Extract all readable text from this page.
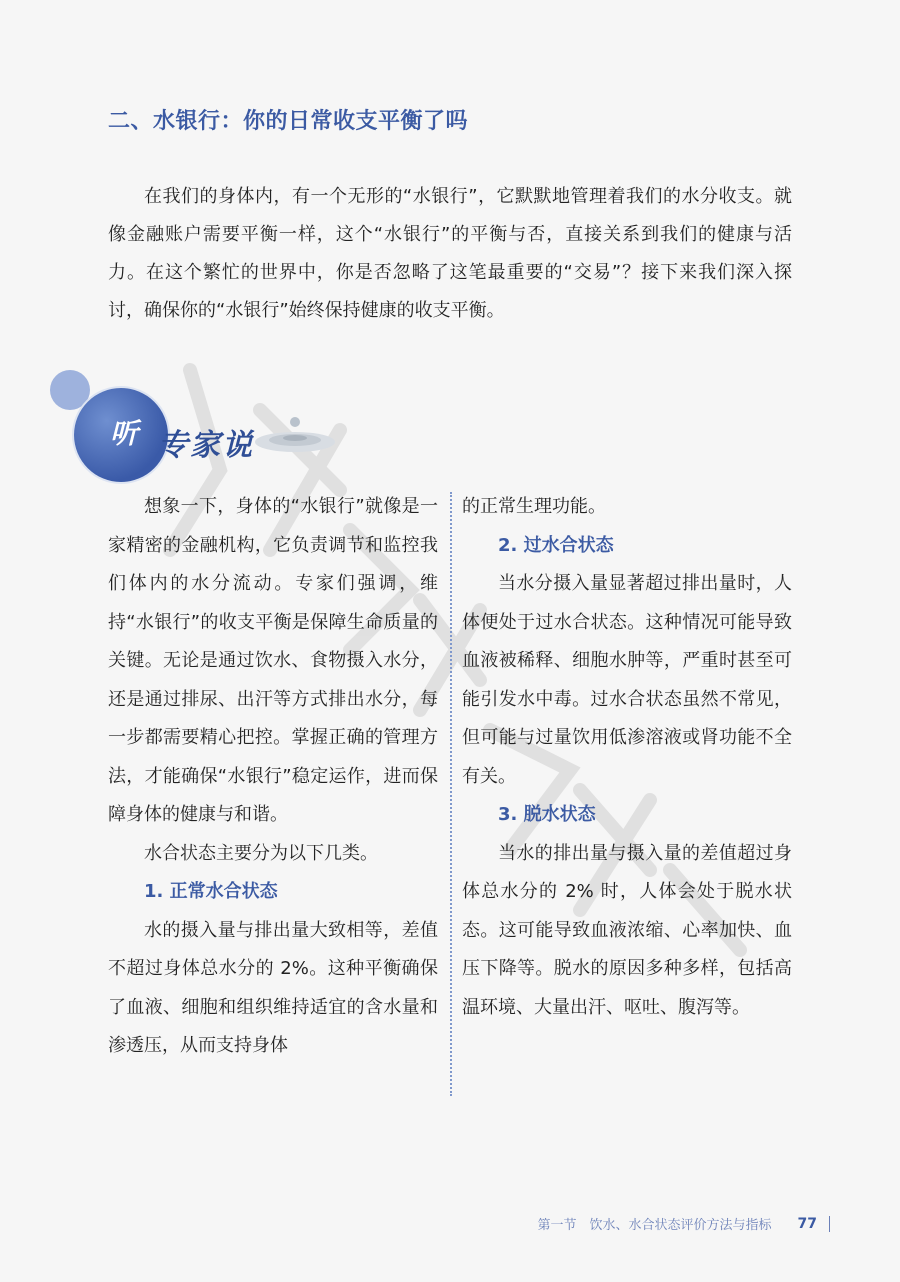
二、水银行：你的日常收支平衡了吗

在我们的身体内，有一个无形的“水银行”，它默默地管理着我们的水分收支。就像金融账户需要平衡一样，这个“水银行”的平衡与否，直接关系到我们的健康与活力。在这个繁忙的世界中，你是否忽略了这笔最重要的“交易”？接下来我们深入探讨，确保你的“水银行”始终保持健康的收支平衡。

听 专家说

想象一下，身体的“水银行”就像是一家精密的金融机构，它负责调节和监控我们体内的水分流动。专家们强调，维持“水银行”的收支平衡是保障生命质量的关键。无论是通过饮水、食物摄入水分，还是通过排尿、出汗等方式排出水分，每一步都需要精心把控。掌握正确的管理方法，才能确保“水银行”稳定运作，进而保障身体的健康与和谐。

水合状态主要分为以下几类。

1. 正常水合状态

水的摄入量与排出量大致相等，差值不超过身体总水分的 2%。这种平衡确保了血液、细胞和组织维持适宜的含水量和渗透压，从而支持身体

的正常生理功能。

2. 过水合状态

当水分摄入量显著超过排出量时，人体便处于过水合状态。这种情况可能导致血液被稀释、细胞水肿等，严重时甚至可能引发水中毒。过水合状态虽然不常见，但可能与过量饮用低渗溶液或肾功能不全有关。

3. 脱水状态

当水的排出量与摄入量的差值超过身体总水分的 2% 时，人体会处于脱水状态。这可能导致血液浓缩、心率加快、血压下降等。脱水的原因多种多样，包括高温环境、大量出汗、呕吐、腹泻等。

第一节　饮水、水合状态评价方法与指标 77
